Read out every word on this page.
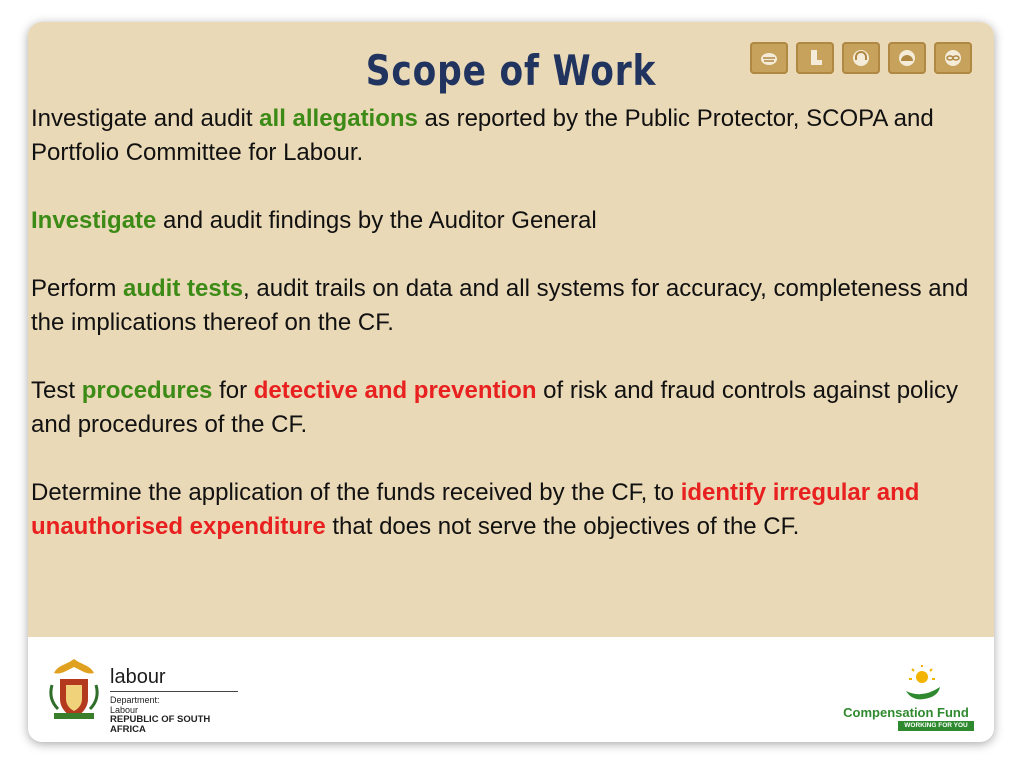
Scope of Work

Investigate and audit all allegations as reported by the Public Protector, SCOPA and Portfolio Committee for Labour.

Investigate and audit findings by the Auditor General

Perform audit tests, audit trails on data and all systems for accuracy, completeness and the implications thereof on the CF.

Test procedures for detective and prevention of risk and fraud controls against policy and procedures of the CF.

Determine the application of the funds received by the CF, to identify irregular and unauthorised expenditure that does not serve the objectives of the CF.

labour
Department:
Labour
REPUBLIC OF SOUTH AFRICA
Compensation Fund
WORKING FOR YOU
